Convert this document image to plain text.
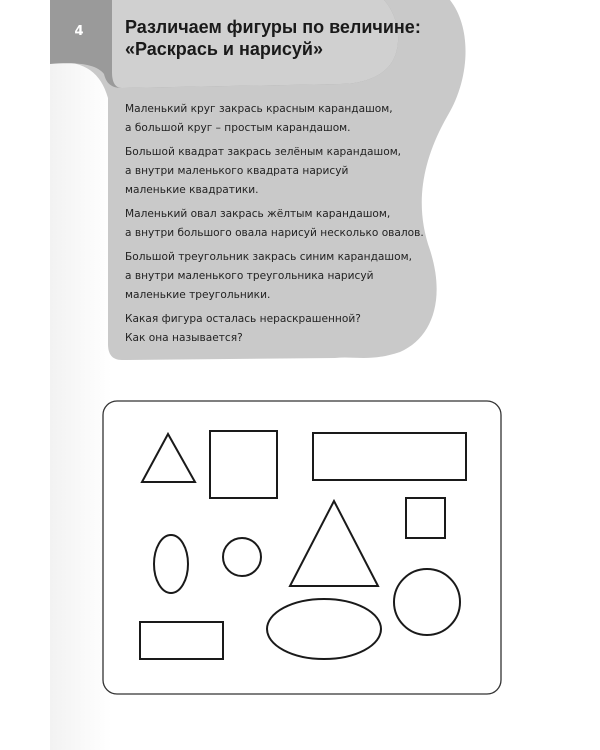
4	Различаем фигуры по величине:
«Раскрась и нарисуй»
Маленький круг закрась красным карандашом,
а большой круг – простым карандашом.
Большой квадрат закрась зелёным карандашом,
а внутри маленького квадрата нарисуй
маленькие квадратики.
Маленький овал закрась жёлтым карандашом,
а внутри большого овала нарисуй несколько овалов.
Большой треугольник закрась синим карандашом,
а внутри маленького треугольника нарисуй
маленькие треугольники.
Какая фигура осталась нераскрашенной?
Как она называется?
